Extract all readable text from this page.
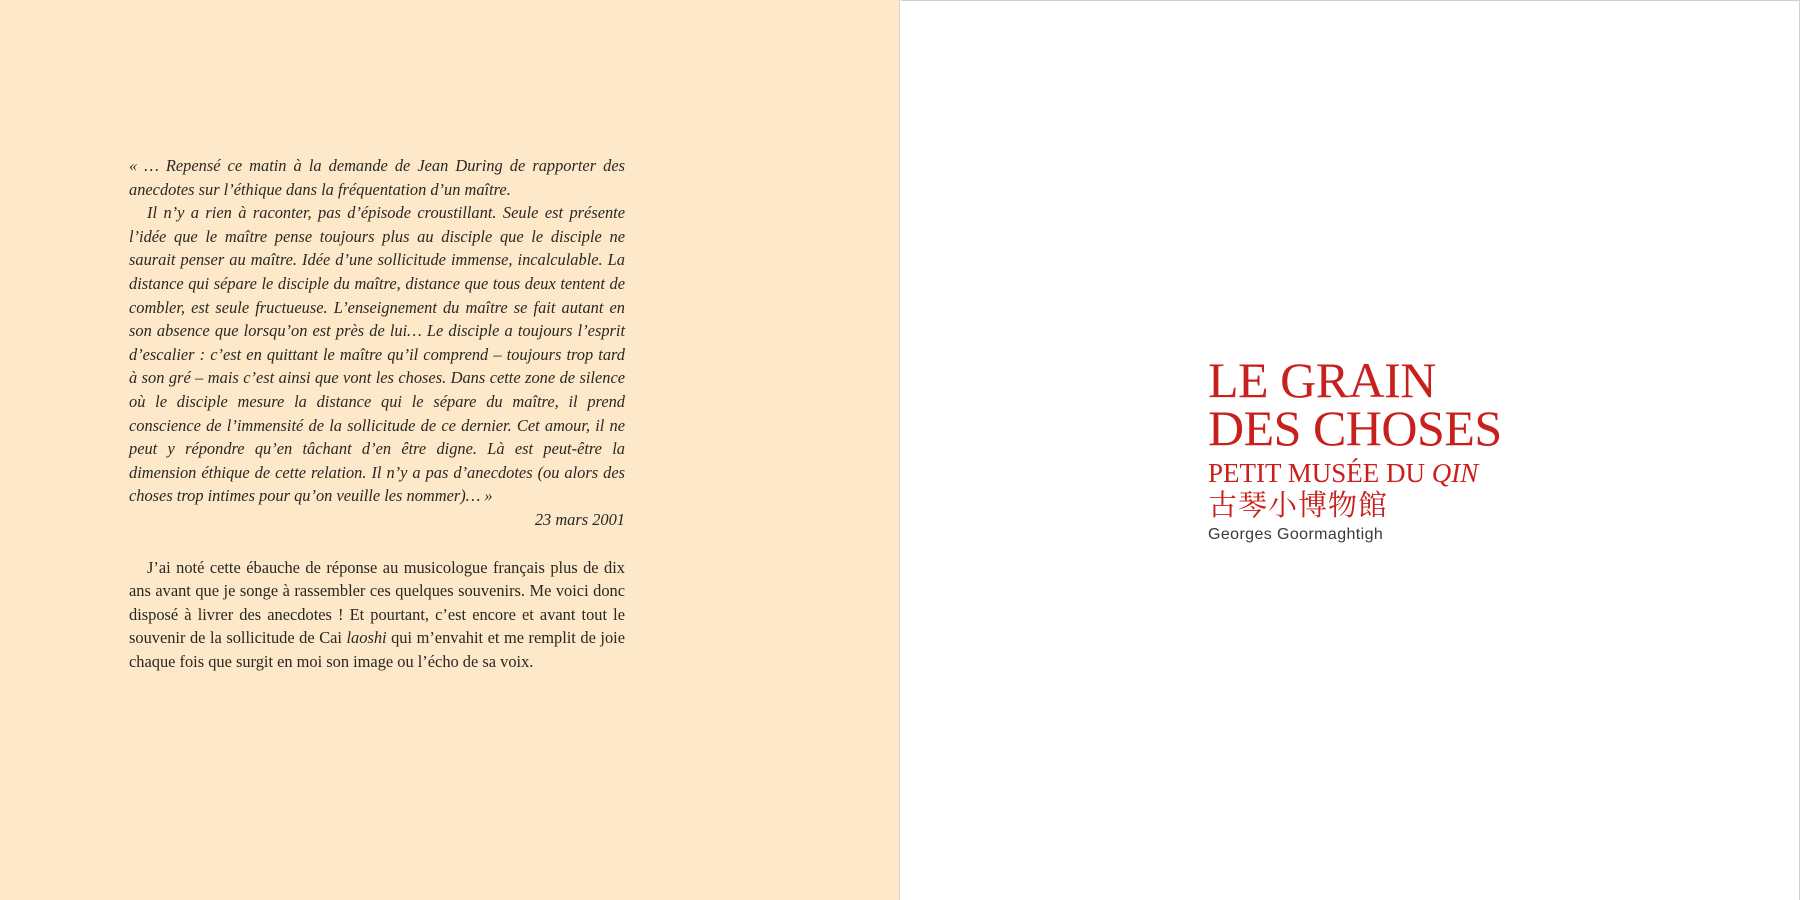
« … Repensé ce matin à la demande de Jean During de rapporter des anecdotes sur l’éthique dans la fréquentation d’un maître.

Il n’y a rien à raconter, pas d’épisode croustillant. Seule est présente l’idée que le maître pense toujours plus au disciple que le disciple ne saurait penser au maître. Idée d’une sollicitude immense, incalculable. La distance qui sépare le disciple du maître, distance que tous deux tentent de combler, est seule fructueuse. L’enseignement du maître se fait autant en son absence que lorsqu’on est près de lui… Le disciple a toujours l’esprit d’escalier : c’est en quittant le maître qu’il comprend – toujours trop tard à son gré – mais c’est ainsi que vont les choses. Dans cette zone de silence où le disciple mesure la distance qui le sépare du maître, il prend conscience de l’immensité de la sollicitude de ce dernier. Cet amour, il ne peut y répondre qu’en tâchant d’en être digne. Là est peut-être la dimension éthique de cette relation. Il n’y a pas d’anecdotes (ou alors des choses trop intimes pour qu’on veuille les nommer)… »

23 mars 2001

J’ai noté cette ébauche de réponse au musicologue français plus de dix ans avant que je songe à rassembler ces quelques souvenirs. Me voici donc disposé à livrer des anecdotes ! Et pourtant, c’est encore et avant tout le souvenir de la sollicitude de Cai laoshi qui m’envahit et me remplit de joie chaque fois que surgit en moi son image ou l’écho de sa voix.

LE GRAIN
DES CHOSES
PETIT MUSÉE DU QIN
古琴小博物館
Georges Goormaghtigh
